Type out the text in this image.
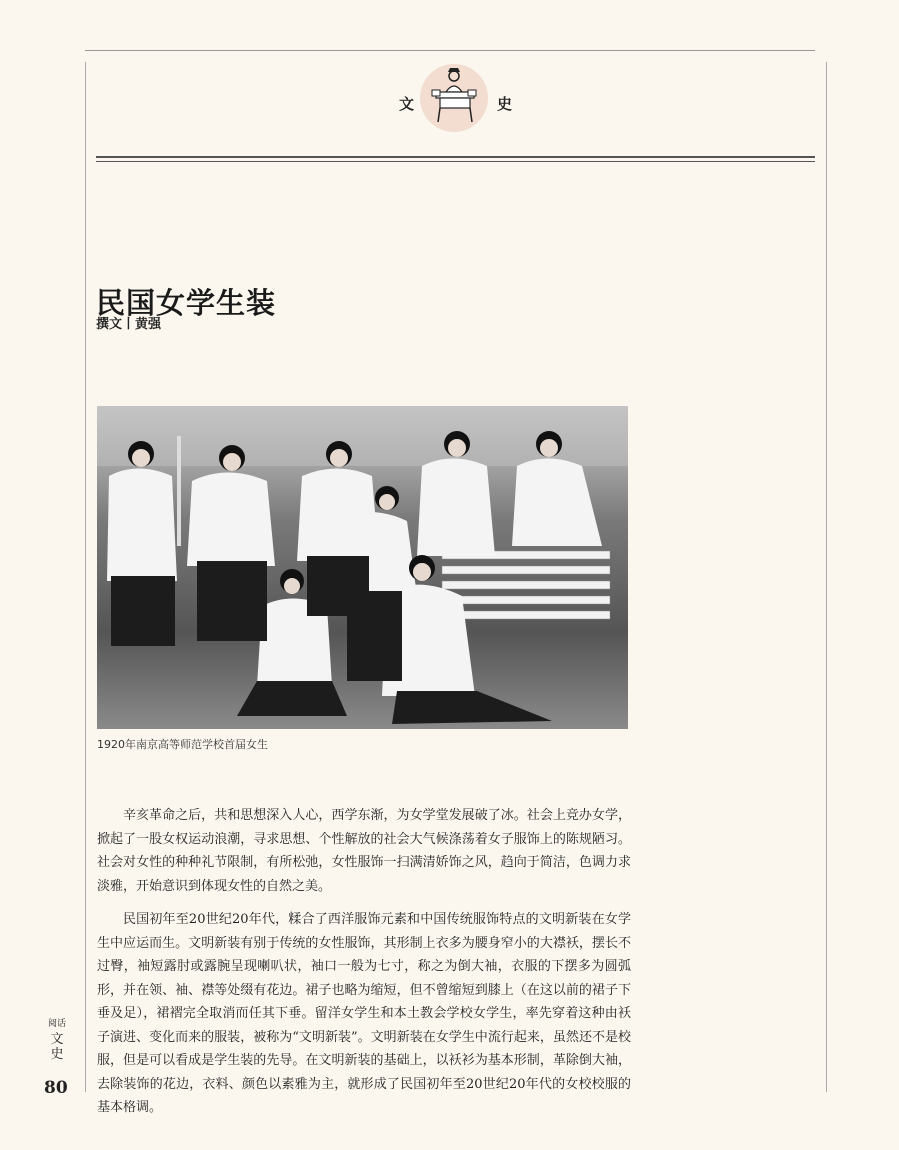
文	史
民国女学生装
撰文丨黄强
1920年南京高等师范学校首届女生

辛亥革命之后，共和思想深入人心，西学东渐，为女学堂发展破了冰。社会上竞办女学，掀起了一股女权运动浪潮，寻求思想、个性解放的社会大气候涤荡着女子服饰上的陈规陋习。社会对女性的种种礼节限制，有所松弛，女性服饰一扫满清娇饰之风，趋向于简洁，色调力求淡雅，开始意识到体现女性的自然之美。

民国初年至20世纪20年代，糅合了西洋服饰元素和中国传统服饰特点的文明新装在女学生中应运而生。文明新装有别于传统的女性服饰，其形制上衣多为腰身窄小的大襟袄，摆长不过臀，袖短露肘或露腕呈现喇叭状，袖口一般为七寸，称之为倒大袖，衣服的下摆多为圆弧形，并在领、袖、襟等处缀有花边。裙子也略为缩短，但不曾缩短到膝上（在这以前的裙子下垂及足），裙褶完全取消而任其下垂。留洋女学生和本土教会学校女学生，率先穿着这种由袄子演进、变化而来的服装，被称为“文明新装”。文明新装在女学生中流行起来，虽然还不是校服，但是可以看成是学生装的先导。在文明新装的基础上，以袄衫为基本形制，革除倒大袖，去除装饰的花边，衣料、颜色以素雅为主，就形成了民国初年至20世纪20年代的女校校服的基本格调。

阅话
文史
80
